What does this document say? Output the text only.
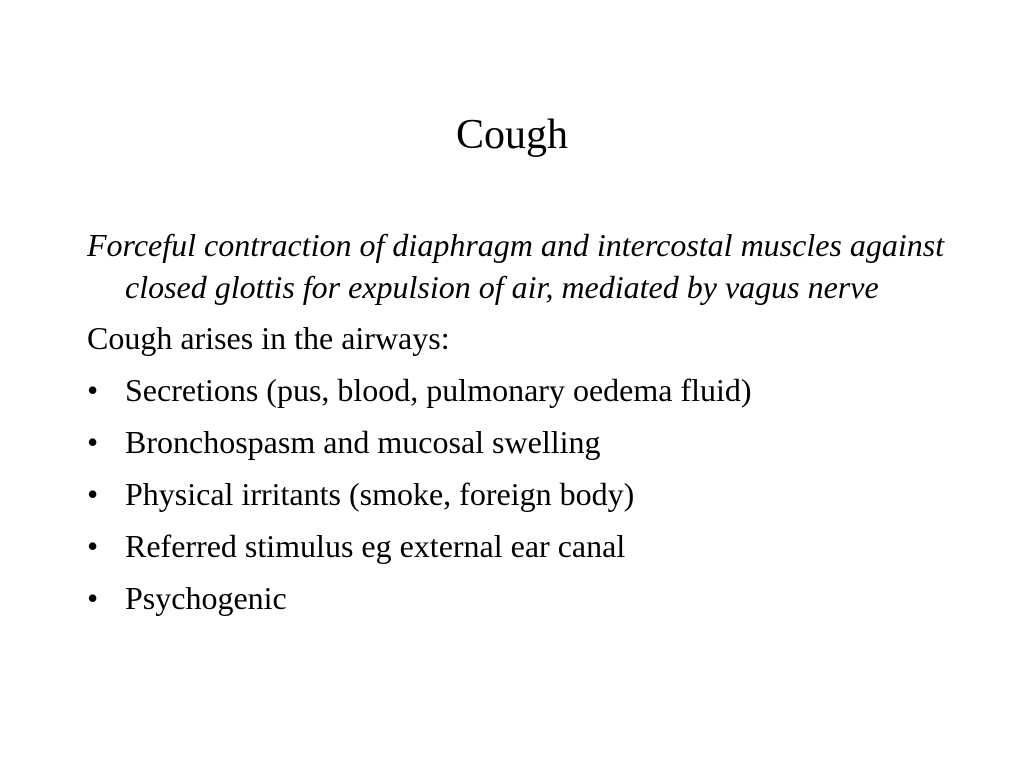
Cough

Forceful contraction of diaphragm and intercostal muscles against closed glottis for expulsion of air, mediated by vagus nerve

Cough arises in the airways:

• Secretions (pus, blood, pulmonary oedema fluid)
• Bronchospasm and mucosal swelling
• Physical irritants (smoke, foreign body)
• Referred stimulus eg external ear canal
• Psychogenic
